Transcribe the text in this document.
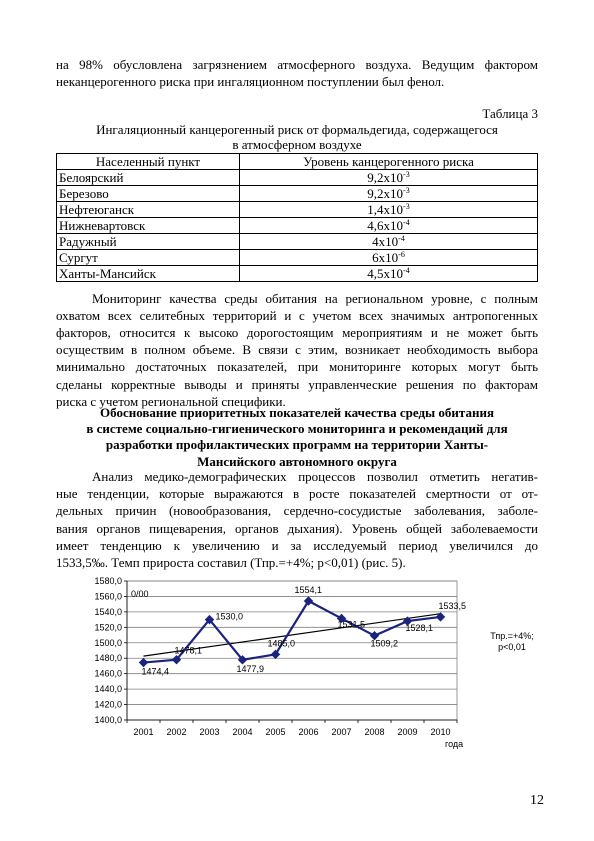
на 98% обусловлена загрязнением атмосферного воздуха. Ведущим фактором
неканцерогенного риска при ингаляционном поступлении был фенол.
Таблица 3
Ингаляционный канцерогенный риск от формальдегида, содержащегося
в атмосферном воздухе
Населенный пункт	Уровень канцерогенного риска
Белоярский	$9,2x10^{-3}$
Березово	$9,2x10^{-3}$
Нефтеюганск	$1,4x10^{-3}$
Нижневартовск	$4,6x10^{-4}$
Радужный	$4x10^{-4}$
Сургут	$6x10^{-6}$
Ханты-Мансийск	$4,5x10^{-4}$
Мониторинг качества среды обитания на региональном уровне, с полным
охватом всех селитебных территорий и с учетом всех значимых антропогенных
факторов, относится к высоко дорогостоящим мероприятиям и не может быть
осуществим в полном объеме. В связи с этим, возникает необходимость выбора
минимально достаточных показателей, при мониторинге которых могут быть
сделаны корректные выводы и приняты управленческие решения по факторам
риска с учетом региональной специфики.
Обоснование приоритетных показателей качества среды обитания
в системе социально-гигиенического мониторинга и рекомендаций для
разработки профилактических программ на территории Ханты-
Мансийского автономного округа
Анализ медико-демографических процессов позволил отметить негатив-
ные тенденции, которые выражаются в росте показателей смертности от от-
дельных причин (новообразования, сердечно-сосудистые заболевания, заболе-
вания органов пищеварения, органов дыхания). Уровень общей заболеваемости
имеет тенденцию к увеличению и за исследуемый период увеличился до
1533,5‰. Темп прироста составил (Тпр.=+4%; р<0,01) (рис. 5).
1400,0
1420,0
1440,0
1460,0
1480,0
1500,0
1520,0
1540,0
1560,0
1580,0
2001 2002 2003 2004 2005 2006 2007 2008 2009 2010
0/00
года
1474,4
1478,1
1530,0
1477,9
1485,0
1554,1
1531,5
1509,2
1528,1
1533,5
Тпр.=+4%;
р<0,01
12
